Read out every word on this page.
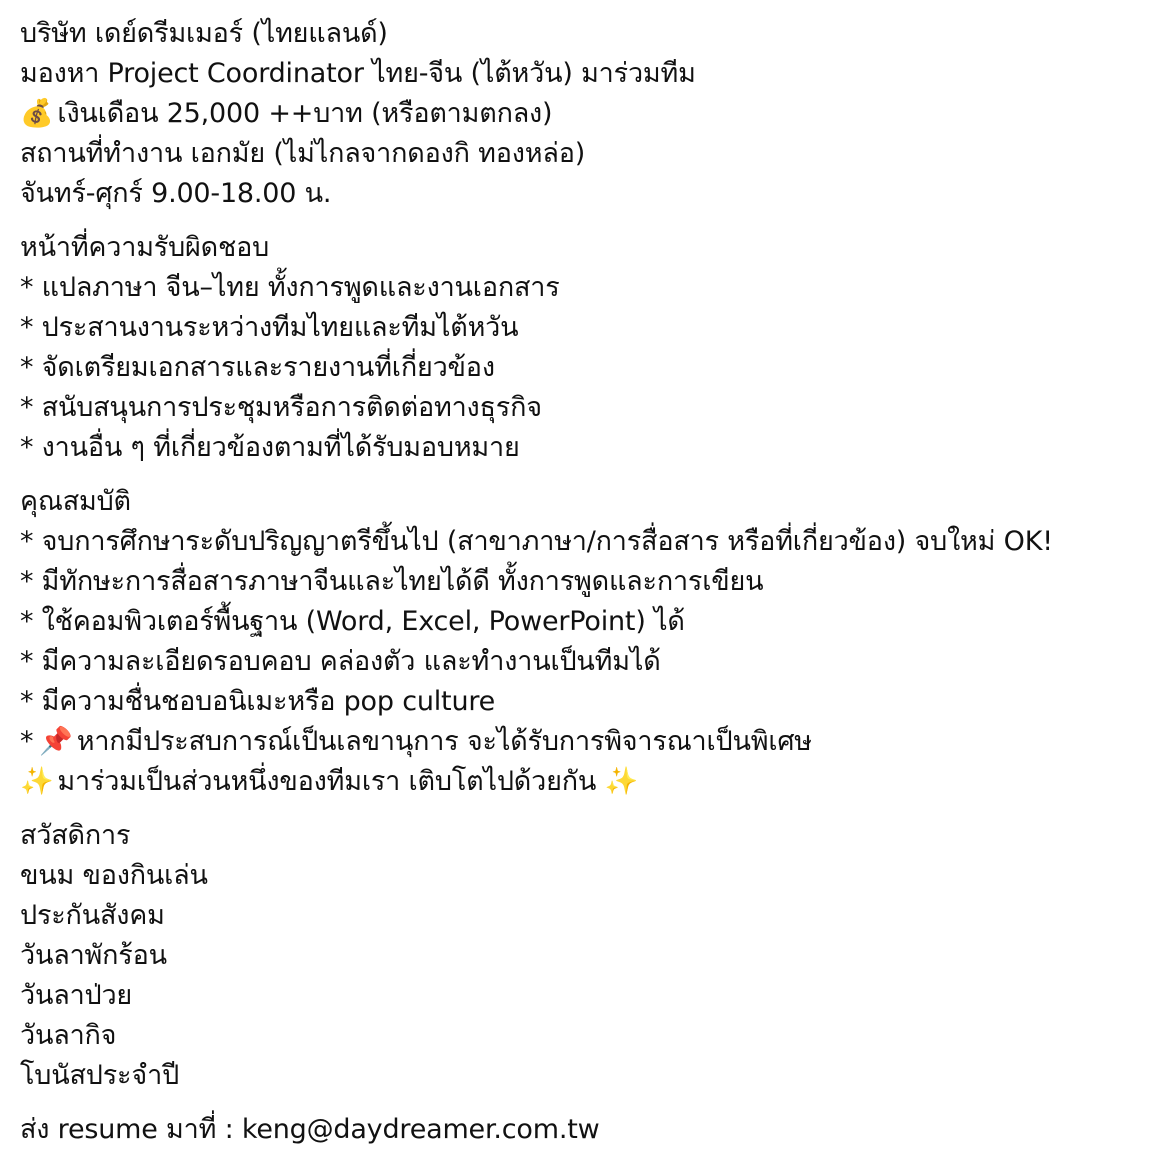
บริษัท เดย์ดรีมเมอร์ (ไทยแลนด์)
มองหา Project Coordinator ไทย-จีน (ไต้หวัน) มาร่วมทีม
💰 เงินเดือน 25,000 ++บาท (หรือตามตกลง)
สถานที่ทำงาน เอกมัย (ไม่ไกลจากดองกิ ทองหล่อ)
จันทร์-ศุกร์ 9.00-18.00 น.
หน้าที่ความรับผิดชอบ
* แปลภาษา จีน–ไทย ทั้งการพูดและงานเอกสาร
* ประสานงานระหว่างทีมไทยและทีมไต้หวัน
* จัดเตรียมเอกสารและรายงานที่เกี่ยวข้อง
* สนับสนุนการประชุมหรือการติดต่อทางธุรกิจ
* งานอื่น ๆ ที่เกี่ยวข้องตามที่ได้รับมอบหมาย
คุณสมบัติ
* จบการศึกษาระดับปริญญาตรีขึ้นไป (สาขาภาษา/การสื่อสาร หรือที่เกี่ยวข้อง) จบใหม่ OK!
* มีทักษะการสื่อสารภาษาจีนและไทยได้ดี ทั้งการพูดและการเขียน
* ใช้คอมพิวเตอร์พื้นฐาน (Word, Excel, PowerPoint) ได้
* มีความละเอียดรอบคอบ คล่องตัว และทำงานเป็นทีมได้
* มีความชื่นชอบอนิเมะหรือ pop culture
* 📌 หากมีประสบการณ์เป็นเลขานุการ จะได้รับการพิจารณาเป็นพิเศษ
✨ มาร่วมเป็นส่วนหนึ่งของทีมเรา เติบโตไปด้วยกัน ✨
สวัสดิการ
ขนม ของกินเล่น
ประกันสังคม
วันลาพักร้อน
วันลาป่วย
วันลากิจ
โบนัสประจำปี
ส่ง resume มาที่ : keng@daydreamer.com.tw
